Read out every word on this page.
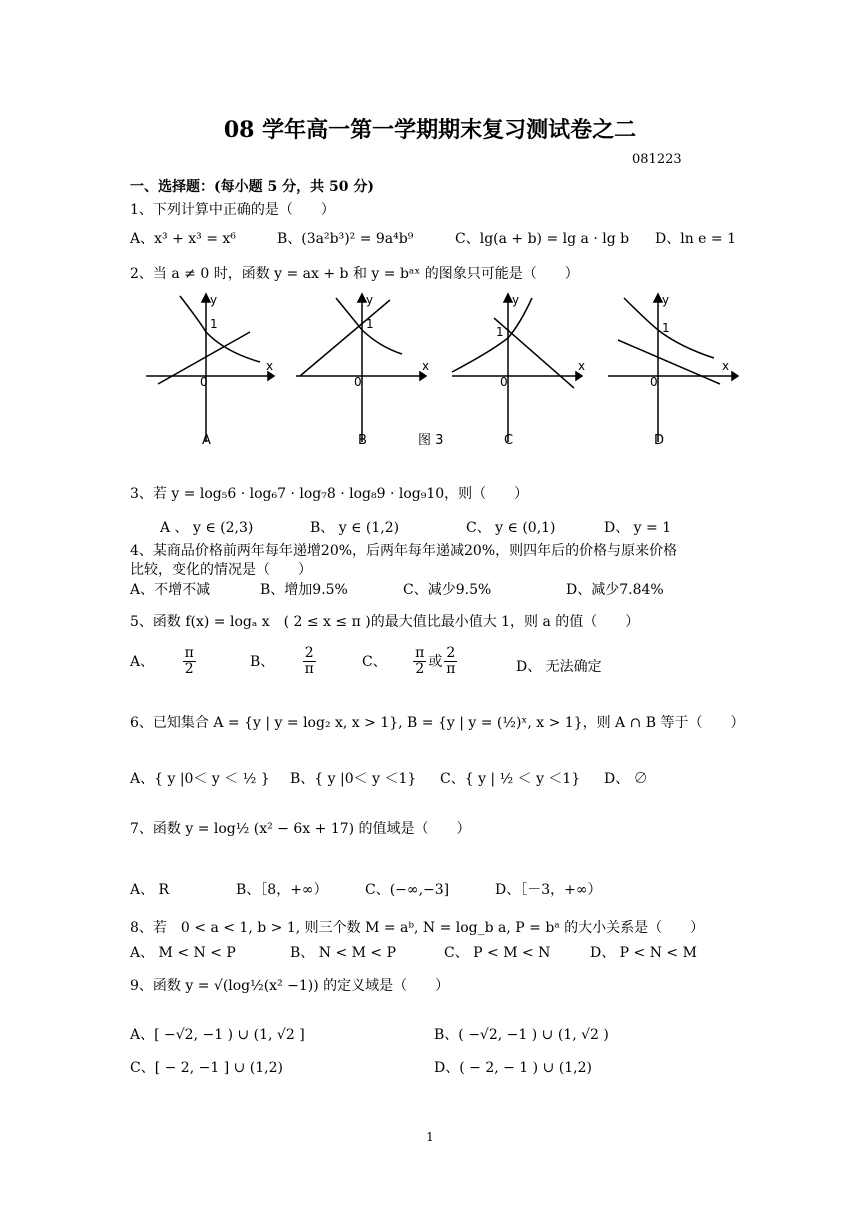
08 学年高一第一学期期末复习测试卷之二
081223
一、选择题：(每小题 5 分，共 50 分)
1、下列计算中正确的是（　　）
A、x³ + x³ = x⁶	B、(3a²b³)² = 9a⁴b⁹	C、lg(a + b) = lg a · lg b D、ln e = 1
2、当 a ≠ 0 时，函数 y = ax + b 和 y = bᵃˣ 的图象只可能是（　　）
y
x
0
1
y
x
0
1
y
x
0
1
y
x
0
1
A	B	图 3	C	D
3、若 y = log₅6 · log₆7 · log₇8 · log₈9 · log₉10，则（　　）
A 、 y ∈ (2,3)	B、 y ∈ (1,2)	C、 y ∈ (0,1)	D、 y = 1
4、某商品价格前两年每年递增20%，后两年每年递减20%，则四年后的价格与原来价格
比较，变化的情况是（　　）
A、不增不减	B、增加9.5%	C、减少9.5%	D、减少7.84%
5、函数 f(x) = logₐ x　( 2 ≤ x ≤ π )的最大值比最小值大 1，则 a 的值（　　）
A、 $\frac{\pi}{2}$	B、 $\frac{2}{\pi}$	C、 $\frac{\pi}{2}$ 或 $\frac{2}{\pi}$	D、 无法确定
6、已知集合 A = {y | y = log₂ x, x > 1}, B = {y | y = (½)ˣ, x > 1}，则 A ∩ B 等于（　　）
A、{ y |0＜ y ＜ ½ } B、{ y |0＜ y ＜1} C、{ y | ½ ＜ y ＜1} D、 ∅
7、函数 y = log½ (x² − 6x + 17) 的值域是（　　）
A、 R	B、［8，+∞）	C、(−∞,−3]	D、［－3，+∞）
8、若　0 < a < 1, b > 1, 则三个数 M = aᵇ, N = log_b a, P = bᵃ 的大小关系是（　　）
A、 M < N < P	B、 N < M < P	C、 P < M < N	D、 P < N < M
9、函数 y = √(log½(x² −1)) 的定义域是（　　）
A、[ −√2, −1 ) ∪ (1, √2 ]	B、( −√2, −1 ) ∪ (1, √2 )
C、[ − 2, −1 ] ∪ (1,2)	D、( − 2, − 1 ) ∪ (1,2)
1
